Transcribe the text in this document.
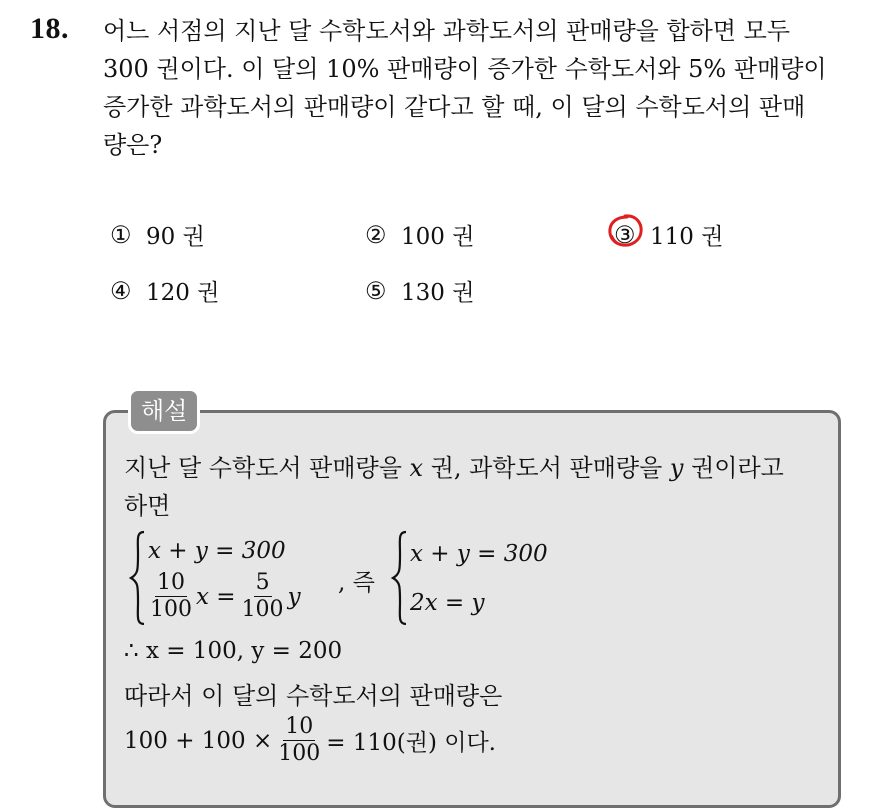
18. 어느 서점의 지난 달 수학도서와 과학도서의 판매량을 합하면 모두
300 권이다. 이 달의 10% 판매량이 증가한 수학도서와 5% 판매량이
증가한 과학도서의 판매량이 같다고 할 때, 이 달의 수학도서의 판매
량은?
① 90 권	② 100 권	③ 110 권
④ 120 권	⑤ 130 권
해설
지난 달 수학도서 판매량을 x 권, 과학도서 판매량을 y 권이라고
하면
x + y = 300
$\frac{10}{100}$ $x = \frac{5}{100}$ y
, 즉
x + y = 300
2x = y
∴ x = 100, y = 200
따라서 이 달의 수학도서의 판매량은
$100 + 100 \times \frac{10}{100} = 110$(권) 이다.
